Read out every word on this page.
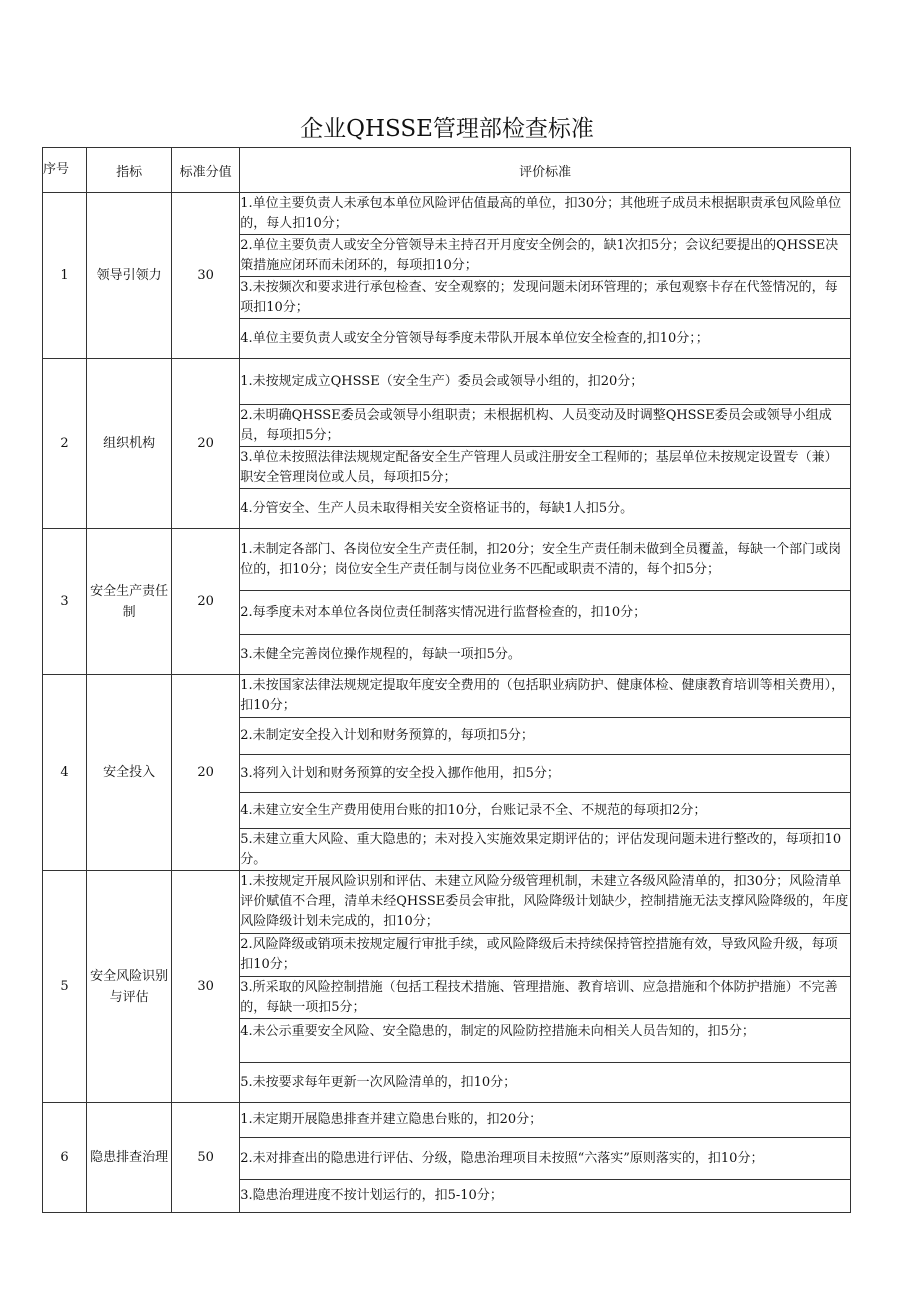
企业QHSSE管理部检查标准
序号	指标	标准分值	评价标准
1	领导引领力	30	1.单位主要负责人未承包本单位风险评估值最高的单位，扣30分；其他班子成员未根据职责承包风险单位的，每人扣10分；
			2.单位主要负责人或安全分管领导未主持召开月度安全例会的，缺1次扣5分；会议纪要提出的QHSSE决策措施应闭环而未闭环的，每项扣10分；
			3.未按频次和要求进行承包检查、安全观察的；发现问题未闭环管理的；承包观察卡存在代签情况的，每项扣10分；
			4.单位主要负责人或安全分管领导每季度未带队开展本单位安全检查的,扣10分；；
2	组织机构	20	1.未按规定成立QHSSE（安全生产）委员会或领导小组的，扣20分；
			2.未明确QHSSE委员会或领导小组职责；未根据机构、人员变动及时调整QHSSE委员会或领导小组成员，每项扣5分；
			3.单位未按照法律法规规定配备安全生产管理人员或注册安全工程师的；基层单位未按规定设置专（兼）职安全管理岗位或人员，每项扣5分；
			4.分管安全、生产人员未取得相关安全资格证书的，每缺1人扣5分。
3	安全生产责任制	20	1.未制定各部门、各岗位安全生产责任制，扣20分；安全生产责任制未做到全员覆盖，每缺一个部门或岗位的，扣10分；岗位安全生产责任制与岗位业务不匹配或职责不清的，每个扣5分；
			2.每季度未对本单位各岗位责任制落实情况进行监督检查的，扣10分；
			3.未健全完善岗位操作规程的，每缺一项扣5分。
4	安全投入	20	1.未按国家法律法规规定提取年度安全费用的（包括职业病防护、健康体检、健康教育培训等相关费用），扣10分；
			2.未制定安全投入计划和财务预算的，每项扣5分；
			3.将列入计划和财务预算的安全投入挪作他用，扣5分；
			4.未建立安全生产费用使用台账的扣10分，台账记录不全、不规范的每项扣2分；
			5.未建立重大风险、重大隐患的；未对投入实施效果定期评估的；评估发现问题未进行整改的，每项扣10分。
5	安全风险识别与评估	30	1.未按规定开展风险识别和评估、未建立风险分级管理机制，未建立各级风险清单的，扣30分；风险清单评价赋值不合理，清单未经QHSSE委员会审批，风险降级计划缺少，控制措施无法支撑风险降级的，年度风险降级计划未完成的，扣10分；
			2.风险降级或销项未按规定履行审批手续，或风险降级后未持续保持管控措施有效，导致风险升级，每项扣10分；
			3.所采取的风险控制措施（包括工程技术措施、管理措施、教育培训、应急措施和个体防护措施）不完善的，每缺一项扣5分；
			4.未公示重要安全风险、安全隐患的，制定的风险防控措施未向相关人员告知的，扣5分；
			5.未按要求每年更新一次风险清单的，扣10分；
6	隐患排查治理	50	1.未定期开展隐患排查并建立隐患台账的，扣20分；
			2.未对排查出的隐患进行评估、分级，隐患治理项目未按照“六落实”原则落实的，扣10分；
			3.隐患治理进度不按计划运行的，扣5-10分；
